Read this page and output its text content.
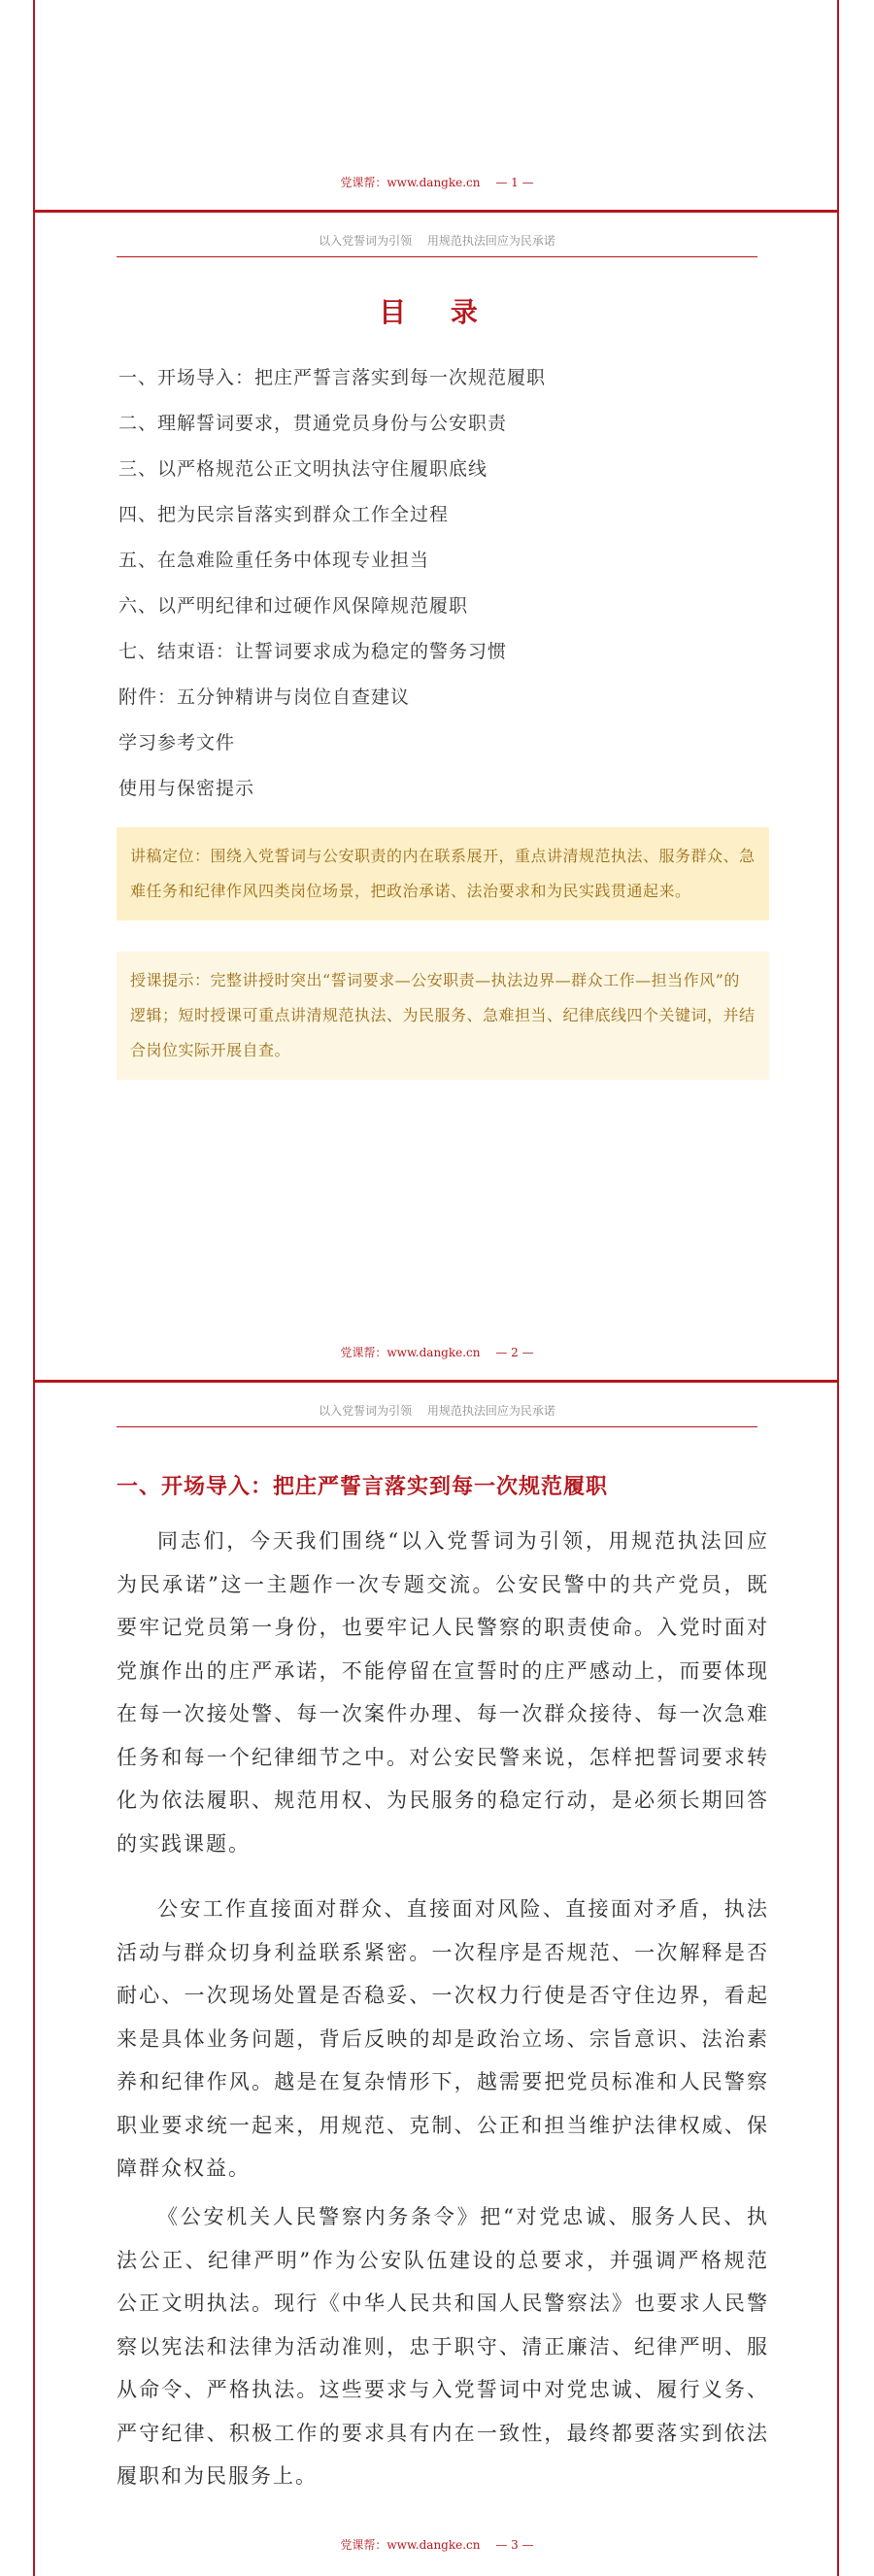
党课帮：www.dangke.cn — 1 —
以入党誓词为引领 用规范执法回应为民承诺
目 录
一、开场导入：把庄严誓言落实到每一次规范履职
二、理解誓词要求，贯通党员身份与公安职责
三、以严格规范公正文明执法守住履职底线
四、把为民宗旨落实到群众工作全过程
五、在急难险重任务中体现专业担当
六、以严明纪律和过硬作风保障规范履职
七、结束语：让誓词要求成为稳定的警务习惯
附件：五分钟精讲与岗位自查建议
学习参考文件
使用与保密提示
讲稿定位：围绕入党誓词与公安职责的内在联系展开，重点讲清规范执法、服务群众、急难任务和纪律作风四类岗位场景，把政治承诺、法治要求和为民实践贯通起来。
授课提示：完整讲授时突出“誓词要求—公安职责—执法边界—群众工作—担当作风”的逻辑；短时授课可重点讲清规范执法、为民服务、急难担当、纪律底线四个关键词，并结合岗位实际开展自查。
党课帮：www.dangke.cn — 2 —
以入党誓词为引领 用规范执法回应为民承诺
一、开场导入：把庄严誓言落实到每一次规范履职

同志们，今天我们围绕“以入党誓词为引领，用规范执法回应为民承诺”这一主题作一次专题交流。公安民警中的共产党员，既要牢记党员第一身份，也要牢记人民警察的职责使命。入党时面对党旗作出的庄严承诺，不能停留在宣誓时的庄严感动上，而要体现在每一次接处警、每一次案件办理、每一次群众接待、每一次急难任务和每一个纪律细节之中。对公安民警来说，怎样把誓词要求转化为依法履职、规范用权、为民服务的稳定行动，是必须长期回答的实践课题。

公安工作直接面对群众、直接面对风险、直接面对矛盾，执法活动与群众切身利益联系紧密。一次程序是否规范、一次解释是否耐心、一次现场处置是否稳妥、一次权力行使是否守住边界，看起来是具体业务问题，背后反映的却是政治立场、宗旨意识、法治素养和纪律作风。越是在复杂情形下，越需要把党员标准和人民警察职业要求统一起来，用规范、克制、公正和担当维护法律权威、保障群众权益。

《公安机关人民警察内务条令》把“对党忠诚、服务人民、执法公正、纪律严明”作为公安队伍建设的总要求，并强调严格规范公正文明执法。现行《中华人民共和国人民警察法》也要求人民警察以宪法和法律为活动准则，忠于职守、清正廉洁、纪律严明、服从命令、严格执法。这些要求与入党誓词中对党忠诚、履行义务、严守纪律、积极工作的要求具有内在一致性，最终都要落实到依法履职和为民服务上。

党课帮：www.dangke.cn — 3 —
